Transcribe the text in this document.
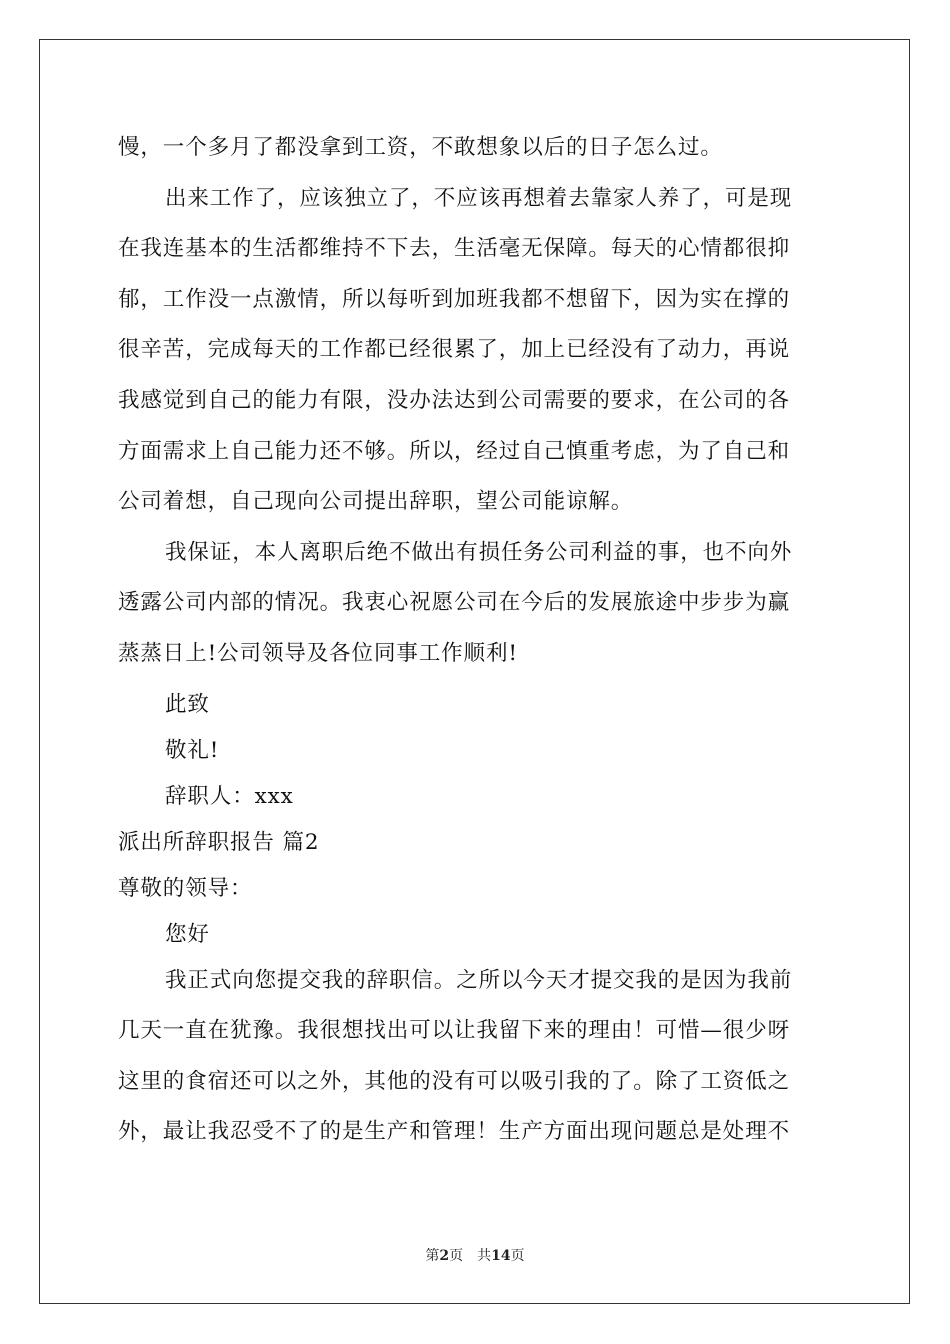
慢，一个多月了都没拿到工资，不敢想象以后的日子怎么过。
出来工作了，应该独立了，不应该再想着去靠家人养了，可是现
在我连基本的生活都维持不下去，生活毫无保障。每天的心情都很抑
郁，工作没一点激情，所以每听到加班我都不想留下，因为实在撑的
很辛苦，完成每天的工作都已经很累了，加上已经没有了动力，再说
我感觉到自己的能力有限，没办法达到公司需要的要求，在公司的各
方面需求上自己能力还不够。所以，经过自己慎重考虑，为了自己和
公司着想，自己现向公司提出辞职，望公司能谅解。
我保证，本人离职后绝不做出有损任务公司利益的事，也不向外
透露公司内部的情况。我衷心祝愿公司在今后的发展旅途中步步为赢
蒸蒸日上!公司领导及各位同事工作顺利!
此致
敬礼!
辞职人：xxx
派出所辞职报告 篇2
尊敬的领导：
您好
我正式向您提交我的辞职信。之所以今天才提交我的是因为我前
几天一直在犹豫。我很想找出可以让我留下来的理由！可惜—很少呀
这里的食宿还可以之外，其他的没有可以吸引我的了。除了工资低之
外，最让我忍受不了的是生产和管理！生产方面出现问题总是处理不
第2页　共14页
